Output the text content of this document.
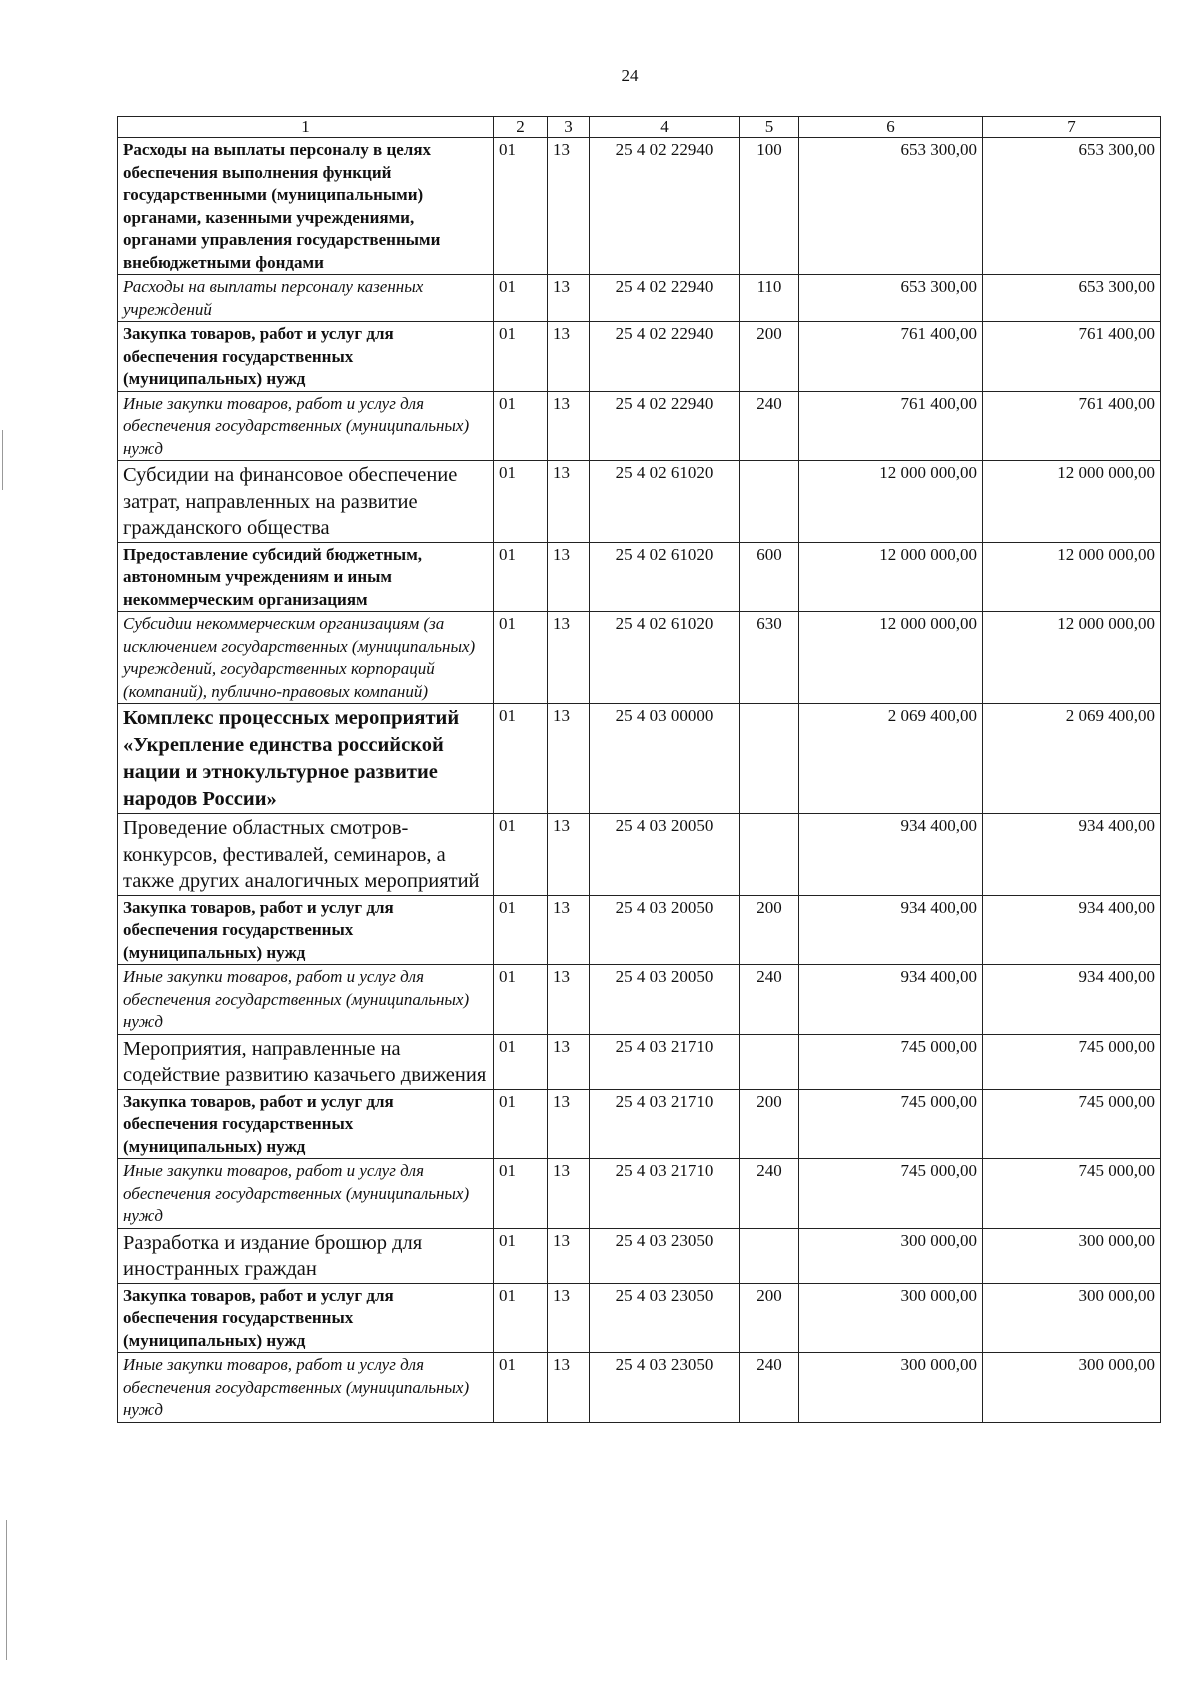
24
1	2	3	4	5	6	7
Расходы на выплаты персоналу в целях обеспечения выполнения функций государственными (муниципальными) органами, казенными учреждениями, органами управления государственными внебюджетными фондами	01	13	25 4 02 22940	100	653 300,00	653 300,00
Расходы на выплаты персоналу казенных учреждений	01	13	25 4 02 22940	110	653 300,00	653 300,00
Закупка товаров, работ и услуг для обеспечения государственных (муниципальных) нужд	01	13	25 4 02 22940	200	761 400,00	761 400,00
Иные закупки товаров, работ и услуг для обеспечения государственных (муниципальных) нужд	01	13	25 4 02 22940	240	761 400,00	761 400,00
Субсидии на финансовое обеспечение затрат, направленных на развитие гражданского общества	01	13	25 4 02 61020		12 000 000,00	12 000 000,00
Предоставление субсидий бюджетным, автономным учреждениям и иным некоммерческим организациям	01	13	25 4 02 61020	600	12 000 000,00	12 000 000,00
Субсидии некоммерческим организациям (за исключением государственных (муниципальных) учреждений, государственных корпораций (компаний), публично-правовых компаний)	01	13	25 4 02 61020	630	12 000 000,00	12 000 000,00
Комплекс процессных мероприятий «Укрепление единства российской нации и этнокультурное развитие народов России»	01	13	25 4 03 00000		2 069 400,00	2 069 400,00
Проведение областных смотров-конкурсов, фестивалей, семинаров, а также других аналогичных мероприятий	01	13	25 4 03 20050		934 400,00	934 400,00
Закупка товаров, работ и услуг для обеспечения государственных (муниципальных) нужд	01	13	25 4 03 20050	200	934 400,00	934 400,00
Иные закупки товаров, работ и услуг для обеспечения государственных (муниципальных) нужд	01	13	25 4 03 20050	240	934 400,00	934 400,00
Мероприятия, направленные на содействие развитию казачьего движения	01	13	25 4 03 21710		745 000,00	745 000,00
Закупка товаров, работ и услуг для обеспечения государственных (муниципальных) нужд	01	13	25 4 03 21710	200	745 000,00	745 000,00
Иные закупки товаров, работ и услуг для обеспечения государственных (муниципальных) нужд	01	13	25 4 03 21710	240	745 000,00	745 000,00
Разработка и издание брошюр для иностранных граждан	01	13	25 4 03 23050		300 000,00	300 000,00
Закупка товаров, работ и услуг для обеспечения государственных (муниципальных) нужд	01	13	25 4 03 23050	200	300 000,00	300 000,00
Иные закупки товаров, работ и услуг для обеспечения государственных (муниципальных) нужд	01	13	25 4 03 23050	240	300 000,00	300 000,00
